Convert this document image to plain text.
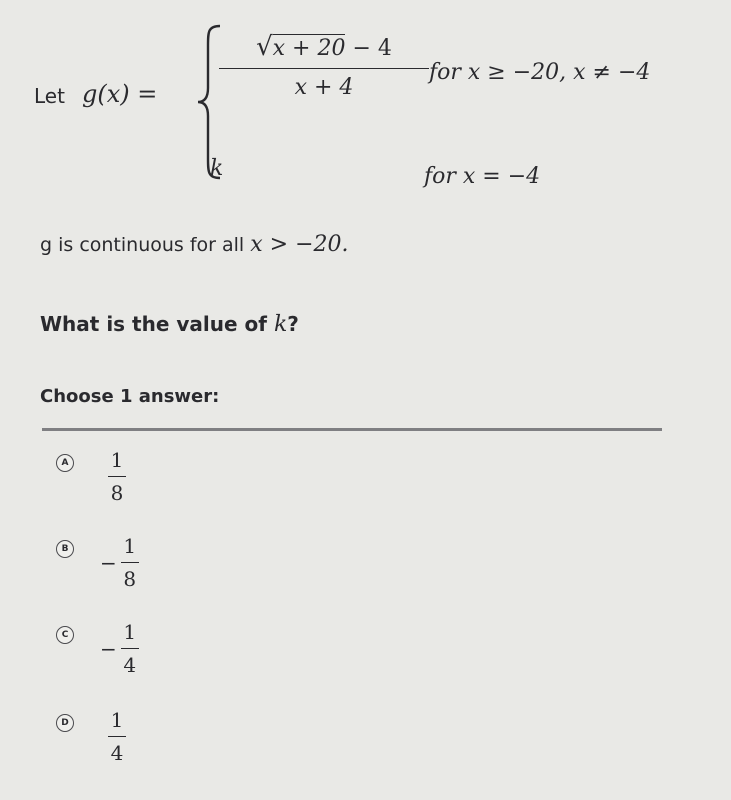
Let g(x) =
√x + 20 − 4
x + 4
for x ≥ −20, x ≠ −4
k	for x = −4
g is continuous for all x > −20.
What is the value of k?
Choose 1 answer:
A 1
8
B
−
1
8
C
−
1
4
D 1
4
